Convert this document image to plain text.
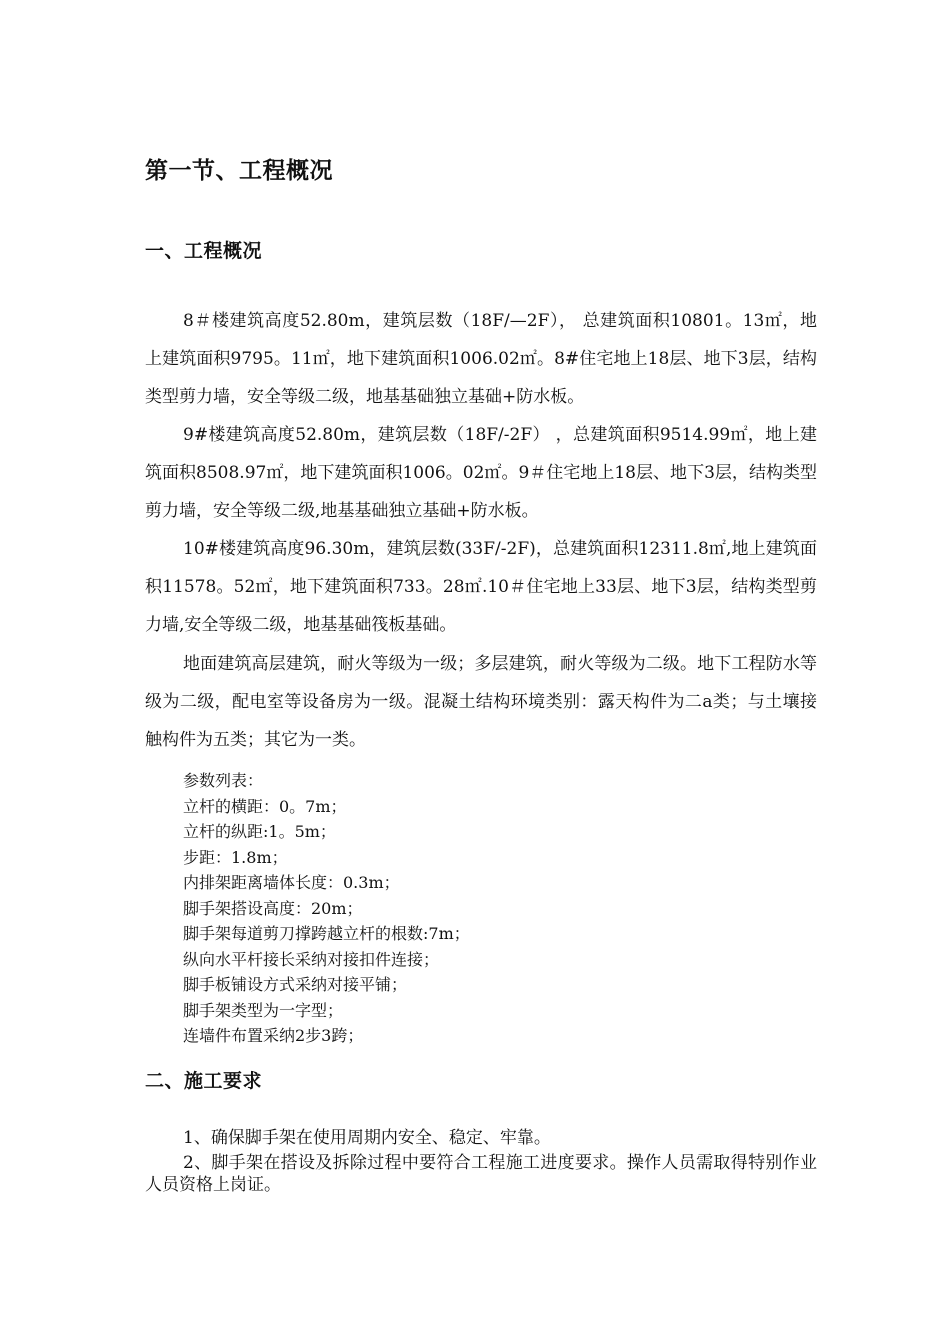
第一节、工程概况
一、工程概况

8＃楼建筑高度52.80m，建筑层数（18F/—2F）， 总建筑面积10801。13㎡，地上建筑面积9795。11㎡，地下建筑面积1006.02㎡。8#住宅地上18层、地下3层，结构类型剪力墙，安全等级二级，地基基础独立基础+防水板。

9#楼建筑高度52.80m，建筑层数（18F/-2F） ，总建筑面积9514.99㎡，地上建筑面积8508.97㎡，地下建筑面积1006。02㎡。9＃住宅地上18层、地下3层，结构类型剪力墙，安全等级二级,地基基础独立基础+防水板。

10#楼建筑高度96.30m，建筑层数(33F/-2F)，总建筑面积12311.8㎡,地上建筑面积11578。52㎡，地下建筑面积733。28㎡.10＃住宅地上33层、地下3层，结构类型剪力墙,安全等级二级，地基基础筏板基础。

地面建筑高层建筑，耐火等级为一级；多层建筑，耐火等级为二级。地下工程防水等级为二级，配电室等设备房为一级。混凝土结构环境类别：露天构件为二a类；与土壤接触构件为五类；其它为一类。

参数列表：
立杆的横距：0。7m；
立杆的纵距:1。5m；
步距：1.8m；
内排架距离墙体长度：0.3m；
脚手架搭设高度：20m；
脚手架每道剪刀撑跨越立杆的根数:7m；
纵向水平杆接长采纳对接扣件连接；
脚手板铺设方式采纳对接平铺；
脚手架类型为一字型；
连墙件布置采纳2步3跨；
二、施工要求

1、确保脚手架在使用周期内安全、稳定、牢靠。

2、脚手架在搭设及拆除过程中要符合工程施工进度要求。操作人员需取得特别作业人员资格上岗证。
